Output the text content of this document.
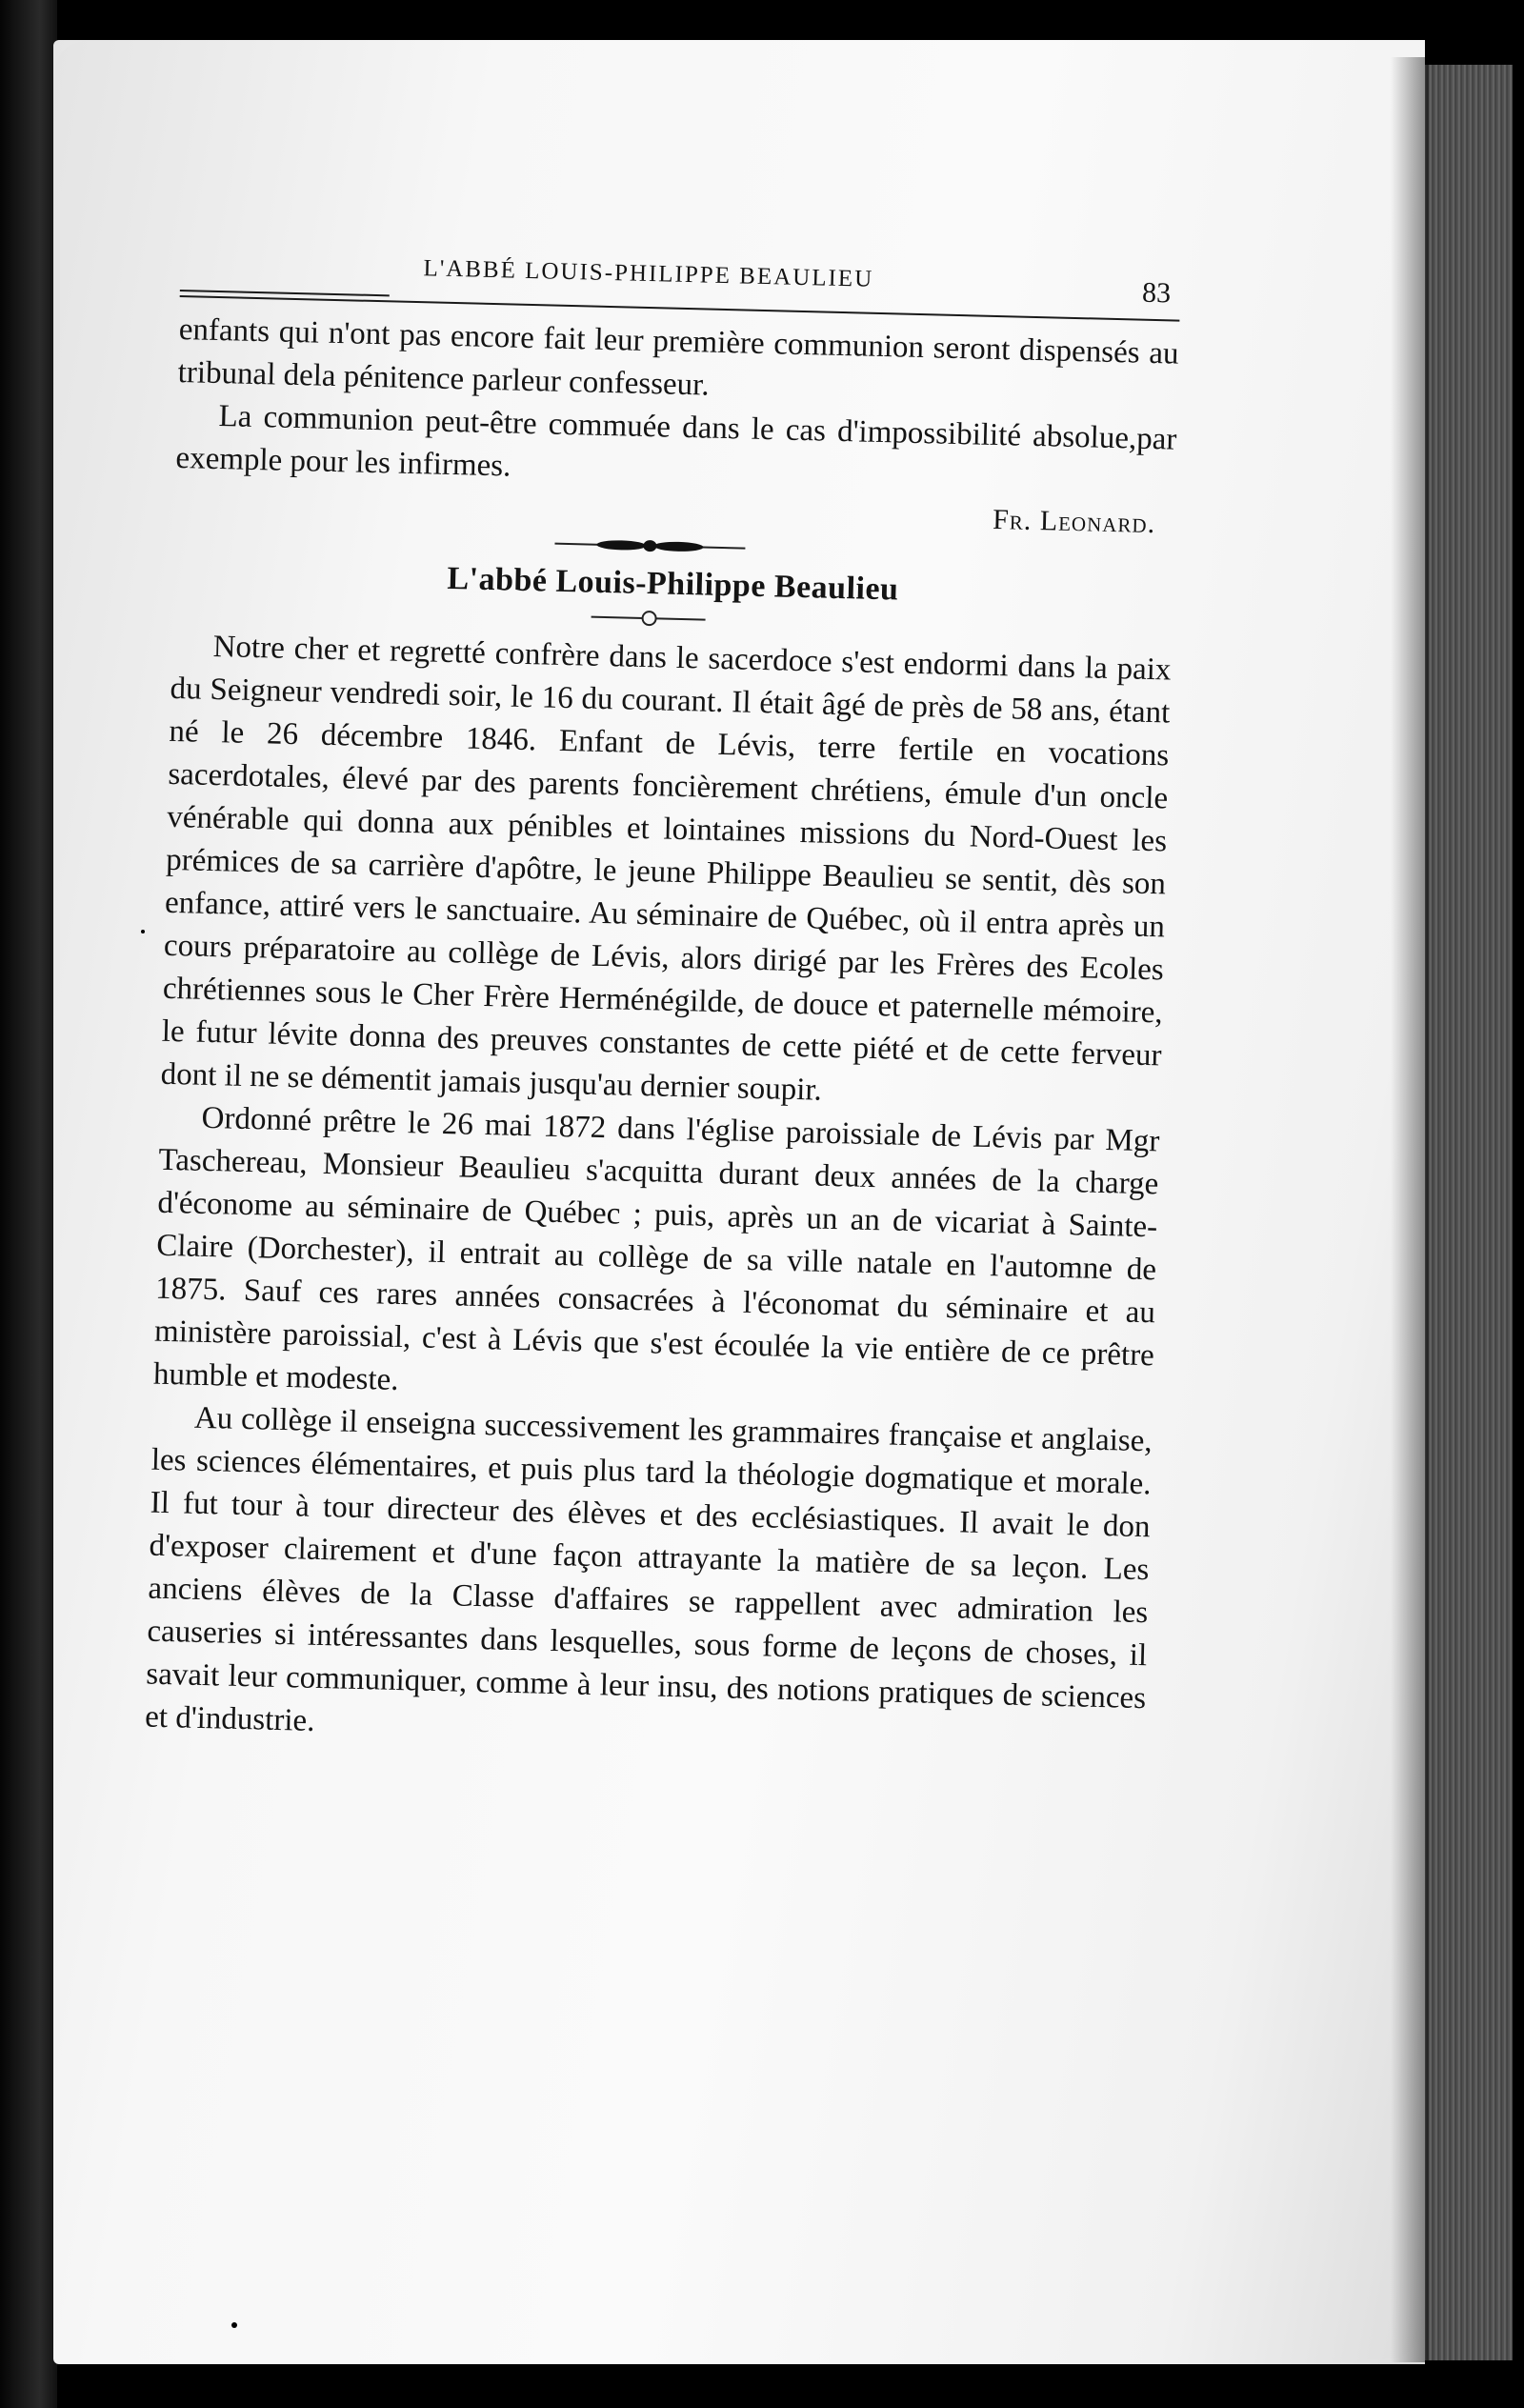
L'ABBÉ LOUIS-PHILIPPE BEAULIEU
83

enfants qui n'ont pas encore fait leur première communion seront dispensés au tribunal dela pénitence parleur confesseur.

La communion peut-être commuée dans le cas d'impossibilité absolue,par exemple pour les infirmes.

Fr. Leonard.
L'abbé Louis-Philippe Beaulieu

Notre cher et regretté confrère dans le sacerdoce s'est endormi dans la paix du Seigneur vendredi soir, le 16 du courant. Il était âgé de près de 58 ans, étant né le 26 décembre 1846. Enfant de Lévis, terre fertile en vocations sacerdotales, élevé par des parents foncièrement chrétiens, émule d'un oncle vénérable qui donna aux pénibles et lointaines missions du Nord-Ouest les prémices de sa carrière d'apôtre, le jeune Philippe Beaulieu se sentit, dès son enfance, attiré vers le sanctuaire. Au séminaire de Québec, où il entra après un cours préparatoire au collège de Lévis, alors dirigé par les Frères des Ecoles chrétiennes sous le Cher Frère Herménégilde, de douce et paternelle mémoire, le futur lévite donna des preuves constantes de cette piété et de cette ferveur dont il ne se démentit jamais jusqu'au dernier soupir.

Ordonné prêtre le 26 mai 1872 dans l'église paroissiale de Lévis par Mgr Taschereau, Monsieur Beaulieu s'acquitta durant deux années de la charge d'économe au séminaire de Québec ; puis, après un an de vicariat à Sainte-Claire (Dorchester), il entrait au collège de sa ville natale en l'automne de 1875. Sauf ces rares années consacrées à l'économat du séminaire et au ministère paroissial, c'est à Lévis que s'est écoulée la vie entière de ce prêtre humble et modeste.

Au collège il enseigna successivement les grammaires française et anglaise, les sciences élémentaires, et puis plus tard la théologie dogmatique et morale. Il fut tour à tour directeur des élèves et des ecclésiastiques. Il avait le don d'exposer clairement et d'une façon attrayante la matière de sa leçon. Les anciens élèves de la Classe d'affaires se rappellent avec admiration les causeries si intéressantes dans lesquelles, sous forme de leçons de choses, il savait leur communiquer, comme à leur insu, des notions pratiques de sciences et d'industrie.
